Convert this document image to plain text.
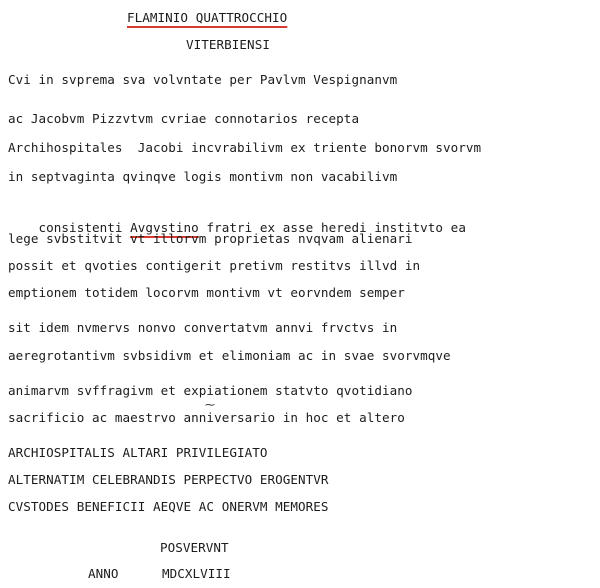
FLAMINIO QUATTROCCHIO
VITERBIENSI
Cvi in svprema sva volvntate per Pavlvm Vespignanvm
ac Jacobvm Pizzvtvm cvriae connotarios recepta
Archihospitales  Jacobi incvrabilivm ex triente bonorvm svorvm
in septvaginta qvinqve logis montivm non vacabilivm

consistenti Avgvstino fratri ex asse heredi institvto ea

lege svbstitvit vt illorvm proprietas nvqvam alienari
possit et qvoties contigerit pretivm restitvs illvd in
emptionem totidem locorvm montivm vt eorvndem semper
sit idem nvmervs nonvo convertatvm annvi frvctvs in
aeregrotantivm svbsidivm et elimoniam ac in svae svorvmqve
animarvm svffragivm et expiationem statvto qvotidiano
⁓
sacrificio ac maestrvo anniversario in hoc et altero
ARCHIOSPITALIS ALTARI PRIVILEGIATO
ALTERNATIM CELEBRANDIS PERPECTVO EROGENTVR
CVSTODES BENEFICII AEQVE AC ONERVM MEMORES
POSVERVNT
ANNO	MDCXLVIII
